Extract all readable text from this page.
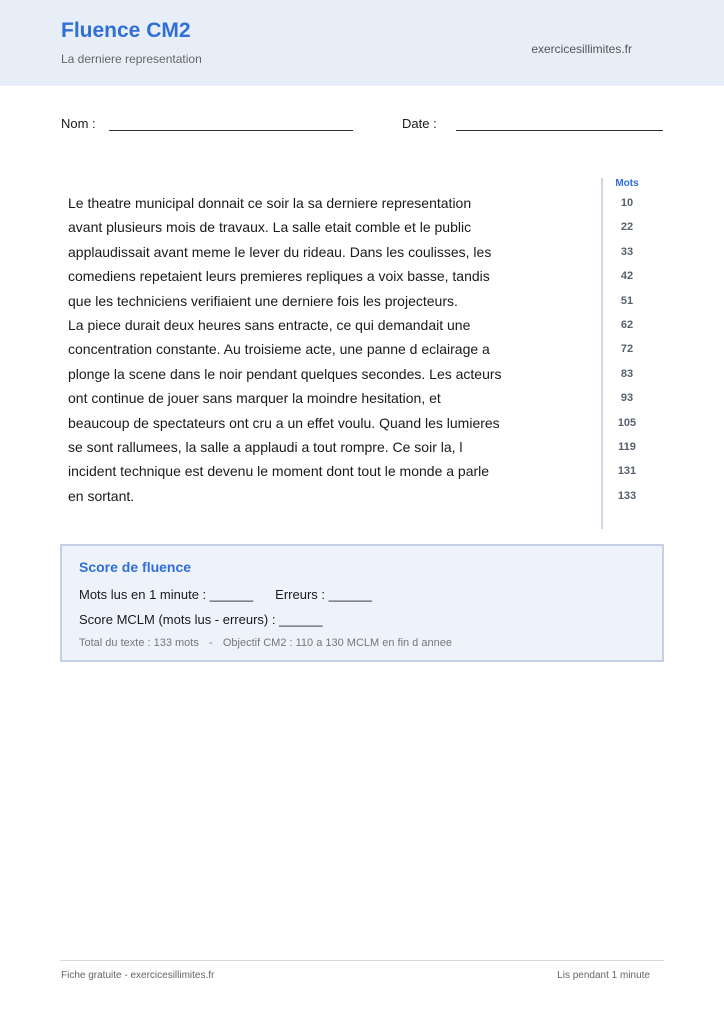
Fluence CM2
La derniere representation
exercicesillimites.fr
Nom :	Date :
Le theatre municipal donnait ce soir la sa derniere representation
avant plusieurs mois de travaux. La salle etait comble et le public
applaudissait avant meme le lever du rideau. Dans les coulisses, les
comediens repetaient leurs premieres repliques a voix basse, tandis
que les techniciens verifiaient une derniere fois les projecteurs.
La piece durait deux heures sans entracte, ce qui demandait une
concentration constante. Au troisieme acte, une panne d eclairage a
plonge la scene dans le noir pendant quelques secondes. Les acteurs
ont continue de jouer sans marquer la moindre hesitation, et
beaucoup de spectateurs ont cru a un effet voulu. Quand les lumieres
se sont rallumees, la salle a applaudi a tout rompre. Ce soir la, l
incident technique est devenu le moment dont tout le monde a parle
en sortant.
Mots
10
22
33
42
51
62
72
83
93
105
119
131
133
Score de fluence
Mots lus en 1 minute : ______ Erreurs : ______
Score MCLM (mots lus - erreurs) : ______
Total du texte : 133 mots - Objectif CM2 : 110 a 130 MCLM en fin d annee
Fiche gratuite - exercicesillimites.fr	Lis pendant 1 minute
